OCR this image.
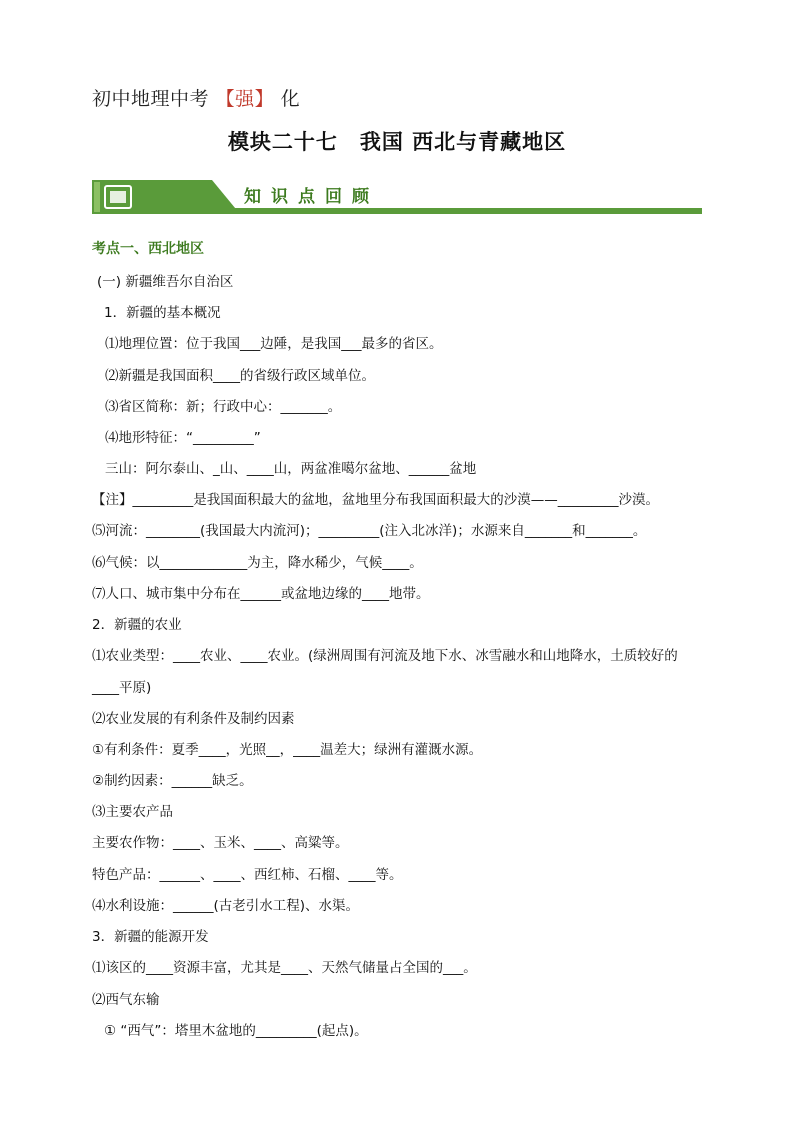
初中地理中考 【强】 化
模块二十七　我国 西北与青藏地区
知识点回顾
考点一、西北地区
(一) 新疆维吾尔自治区
1．新疆的基本概况
⑴地理位置：位于我国___边陲，是我国___最多的省区。
⑵新疆是我国面积____的省级行政区域单位。
⑶省区简称：新；行政中心：_______。
⑷地形特征：“_________”
三山：阿尔泰山、_山、____山，两盆准噶尔盆地、______盆地
【注】_________是我国面积最大的盆地，盆地里分布我国面积最大的沙漠——_________沙漠。
⑸河流：________(我国最大内流河)；_________(注入北冰洋)；水源来自_______和_______。
⑹气候：以_____________为主，降水稀少，气候____。
⑺人口、城市集中分布在______或盆地边缘的____地带。
2．新疆的农业
⑴农业类型：____农业、____农业。(绿洲周围有河流及地下水、冰雪融水和山地降水，土质较好的
____平原)
⑵农业发展的有利条件及制约因素
①有利条件：夏季____，光照__，____温差大；绿洲有灌溉水源。
②制约因素：______缺乏。
⑶主要农产品
主要农作物：____、玉米、____、高粱等。
特色产品：______、____、西红柿、石榴、____等。
⑷水利设施：______(古老引水工程)、水渠。
3．新疆的能源开发
⑴该区的____资源丰富，尤其是____、天然气储量占全国的___。
⑵西气东输
① “西气”：塔里木盆地的_________(起点)。
